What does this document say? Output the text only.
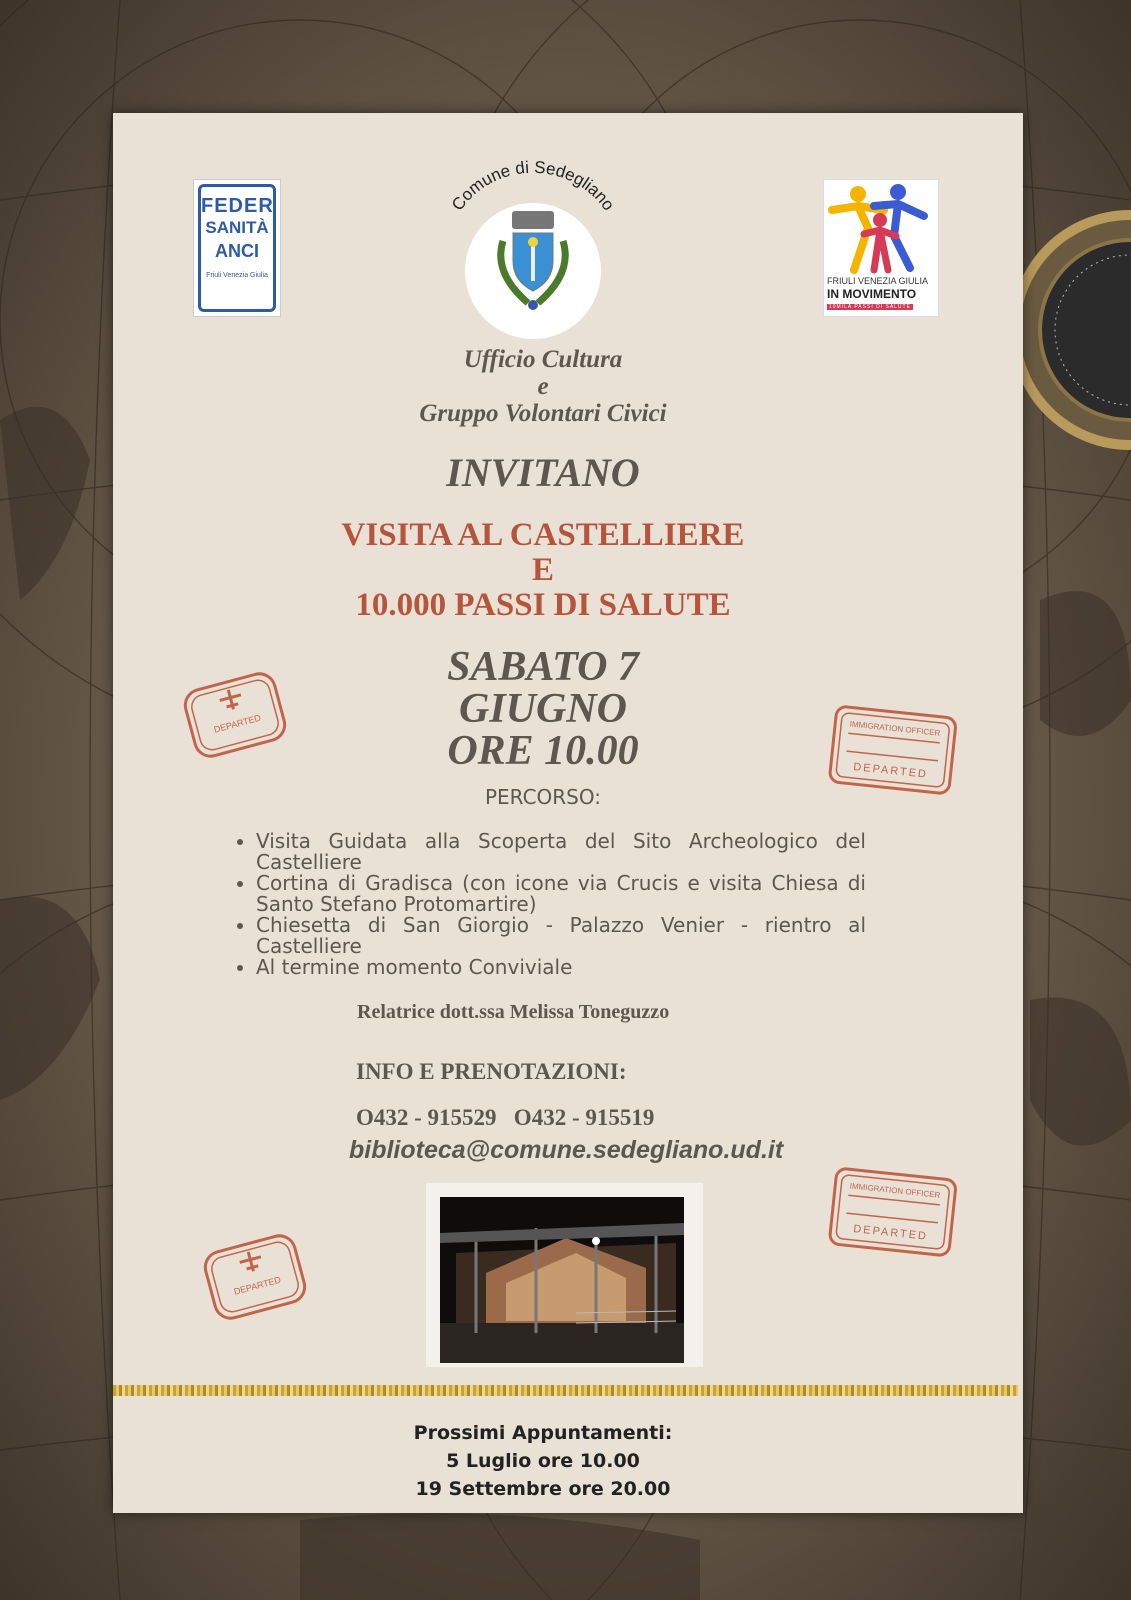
FEDER
SANITÀ
ANCI
Friuli Venezia Giulia
Comune di Sedegliano
FRIULI VENEZIA GIULIA
IN MOVIMENTO
10MILA PASSI DI SALUTE
Ufficio Cultura
e
Gruppo Volontari Civici
INVITANO
VISITA AL CASTELLIERE
E
10.000 PASSI DI SALUTE
SABATO 7
GIUGNO
ORE 10.00
PERCORSO:
• Visita Guidata alla Scoperta del Sito Archeologico del Castelliere
• Cortina di Gradisca (con icone via Crucis e visita Chiesa di Santo Stefano Protomartire)
• Chiesetta di San Giorgio - Palazzo Venier - rientro al Castelliere
• Al termine momento Conviviale
Relatrice dott.ssa Melissa Toneguzzo
INFO E PRENOTAZIONI:
O432 - 915529   O432 - 915519
biblioteca@comune.sedegliano.ud.it
Prossimi Appuntamenti:
5 Luglio ore 10.00
19 Settembre ore 20.00
DEPARTED
DEPARTED
IMMIGRATION OFFICER
DEPARTED
IMMIGRATION OFFICER
DEPARTED
